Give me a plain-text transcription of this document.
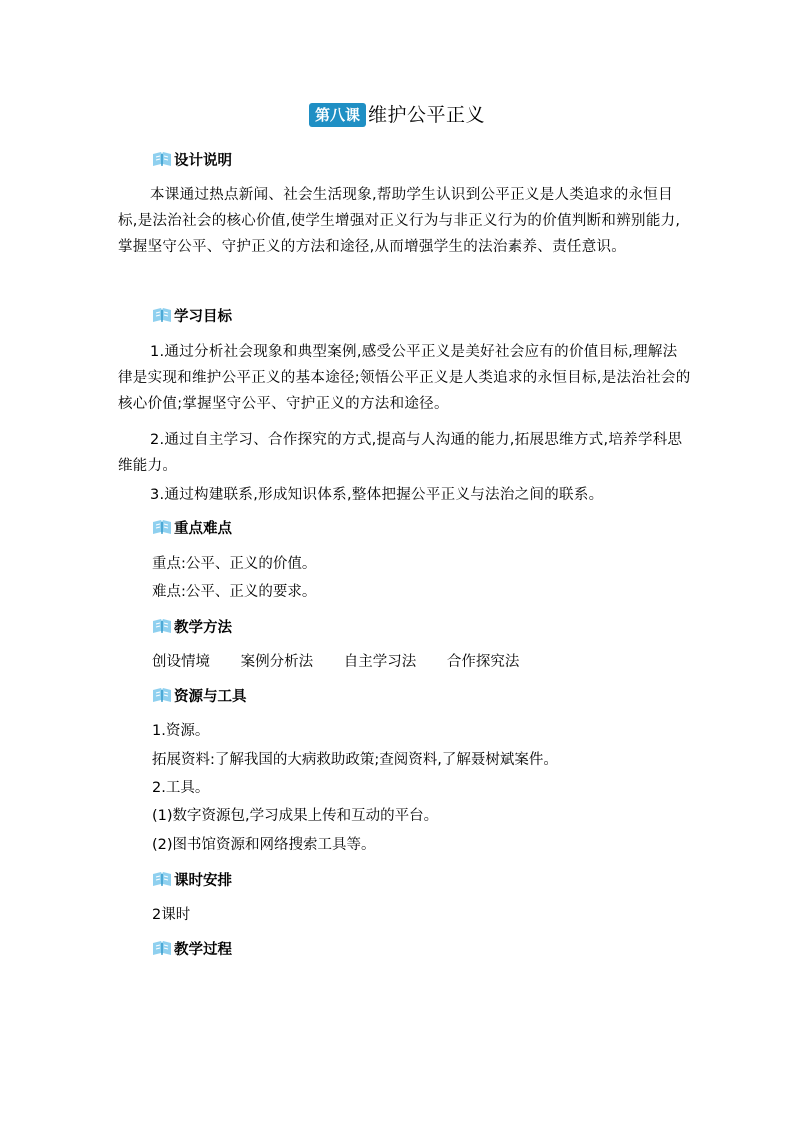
第八课 维护公平正义
设计说明
本课通过热点新闻、社会生活现象,帮助学生认识到公平正义是人类追求的永恒目标,是法治社会的核心价值,使学生增强对正义行为与非正义行为的价值判断和辨别能力,掌握坚守公平、守护正义的方法和途径,从而增强学生的法治素养、责任意识。
学习目标
1.通过分析社会现象和典型案例,感受公平正义是美好社会应有的价值目标,理解法律是实现和维护公平正义的基本途径;领悟公平正义是人类追求的永恒目标,是法治社会的核心价值;掌握坚守公平、守护正义的方法和途径。
2.通过自主学习、合作探究的方式,提高与人沟通的能力,拓展思维方式,培养学科思维能力。
3.通过构建联系,形成知识体系,整体把握公平正义与法治之间的联系。
重点难点
重点:公平、正义的价值。
难点:公平、正义的要求。
教学方法
创设情境 案例分析法 自主学习法 合作探究法
资源与工具
1.资源。
拓展资料:了解我国的大病救助政策;查阅资料,了解聂树斌案件。
2.工具。
(1)数字资源包,学习成果上传和互动的平台。
(2)图书馆资源和网络搜索工具等。
课时安排
2课时
教学过程
